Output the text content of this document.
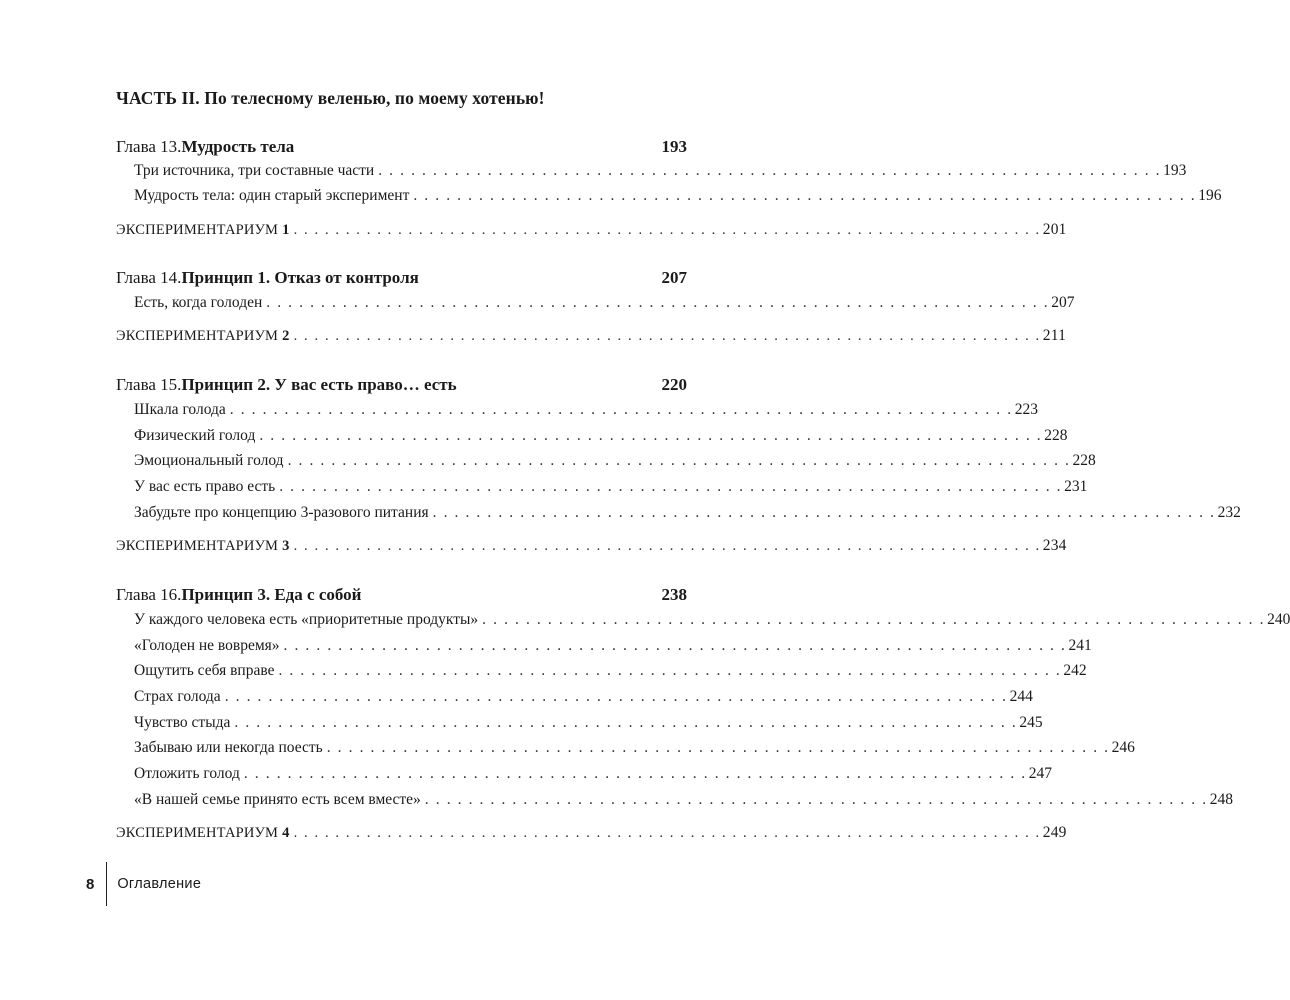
ЧАСТЬ II. По телесному веленью, по моему хотенью!
Глава 13. Мудрость тела	193
Три источника, три составные части . . . . . . . . . . . . . . . . . . . . . . . . . . . . . . . . . . . . . . . . . . . . . . . . . . . . . . . . . . . . . . . . . . . . . . . . 193
Мудрость тела: один старый эксперимент . . . . . . . . . . . . . . . . . . . . . . . . . . . . . . . . . . . . . . . . . . . . . . . . . . . . . . . . . . . . . . . . . . . . . . . . 196
ЭКСПЕРИМЕНТАРИУМ 1 . . . . . . . . . . . . . . . . . . . . . . . . . . . . . . . . . . . . . . . . . . . . . . . . . . . . . . . . . . . . . . . . . . . . . . . . 201
Глава 14. Принцип 1. Отказ от контроля	207
Есть, когда голоден . . . . . . . . . . . . . . . . . . . . . . . . . . . . . . . . . . . . . . . . . . . . . . . . . . . . . . . . . . . . . . . . . . . . . . . . 207
ЭКСПЕРИМЕНТАРИУМ 2 . . . . . . . . . . . . . . . . . . . . . . . . . . . . . . . . . . . . . . . . . . . . . . . . . . . . . . . . . . . . . . . . . . . . . . . . 211
Глава 15. Принцип 2. У вас есть право… есть	220
Шкала голода . . . . . . . . . . . . . . . . . . . . . . . . . . . . . . . . . . . . . . . . . . . . . . . . . . . . . . . . . . . . . . . . . . . . . . . . 223
Физический голод . . . . . . . . . . . . . . . . . . . . . . . . . . . . . . . . . . . . . . . . . . . . . . . . . . . . . . . . . . . . . . . . . . . . . . . . 228
Эмоциональный голод . . . . . . . . . . . . . . . . . . . . . . . . . . . . . . . . . . . . . . . . . . . . . . . . . . . . . . . . . . . . . . . . . . . . . . . . 228
У вас есть право есть . . . . . . . . . . . . . . . . . . . . . . . . . . . . . . . . . . . . . . . . . . . . . . . . . . . . . . . . . . . . . . . . . . . . . . . . 231
Забудьте про концепцию 3-разового питания . . . . . . . . . . . . . . . . . . . . . . . . . . . . . . . . . . . . . . . . . . . . . . . . . . . . . . . . . . . . . . . . . . . . . . . . 232
ЭКСПЕРИМЕНТАРИУМ 3 . . . . . . . . . . . . . . . . . . . . . . . . . . . . . . . . . . . . . . . . . . . . . . . . . . . . . . . . . . . . . . . . . . . . . . . . 234
Глава 16. Принцип 3. Еда с собой	238
У каждого человека есть «приоритетные продукты» . . . . . . . . . . . . . . . . . . . . . . . . . . . . . . . . . . . . . . . . . . . . . . . . . . . . . . . . . . . . . . . . . . . . . . . . 240
«Голоден не вовремя» . . . . . . . . . . . . . . . . . . . . . . . . . . . . . . . . . . . . . . . . . . . . . . . . . . . . . . . . . . . . . . . . . . . . . . . . 241
Ощутить себя вправе . . . . . . . . . . . . . . . . . . . . . . . . . . . . . . . . . . . . . . . . . . . . . . . . . . . . . . . . . . . . . . . . . . . . . . . . 242
Страх голода . . . . . . . . . . . . . . . . . . . . . . . . . . . . . . . . . . . . . . . . . . . . . . . . . . . . . . . . . . . . . . . . . . . . . . . . 244
Чувство стыда . . . . . . . . . . . . . . . . . . . . . . . . . . . . . . . . . . . . . . . . . . . . . . . . . . . . . . . . . . . . . . . . . . . . . . . . 245
Забываю или некогда поесть . . . . . . . . . . . . . . . . . . . . . . . . . . . . . . . . . . . . . . . . . . . . . . . . . . . . . . . . . . . . . . . . . . . . . . . . 246
Отложить голод . . . . . . . . . . . . . . . . . . . . . . . . . . . . . . . . . . . . . . . . . . . . . . . . . . . . . . . . . . . . . . . . . . . . . . . . 247
«В нашей семье принято есть всем вместе» . . . . . . . . . . . . . . . . . . . . . . . . . . . . . . . . . . . . . . . . . . . . . . . . . . . . . . . . . . . . . . . . . . . . . . . . 248
ЭКСПЕРИМЕНТАРИУМ 4 . . . . . . . . . . . . . . . . . . . . . . . . . . . . . . . . . . . . . . . . . . . . . . . . . . . . . . . . . . . . . . . . . . . . . . . . 249
8 Оглавление
